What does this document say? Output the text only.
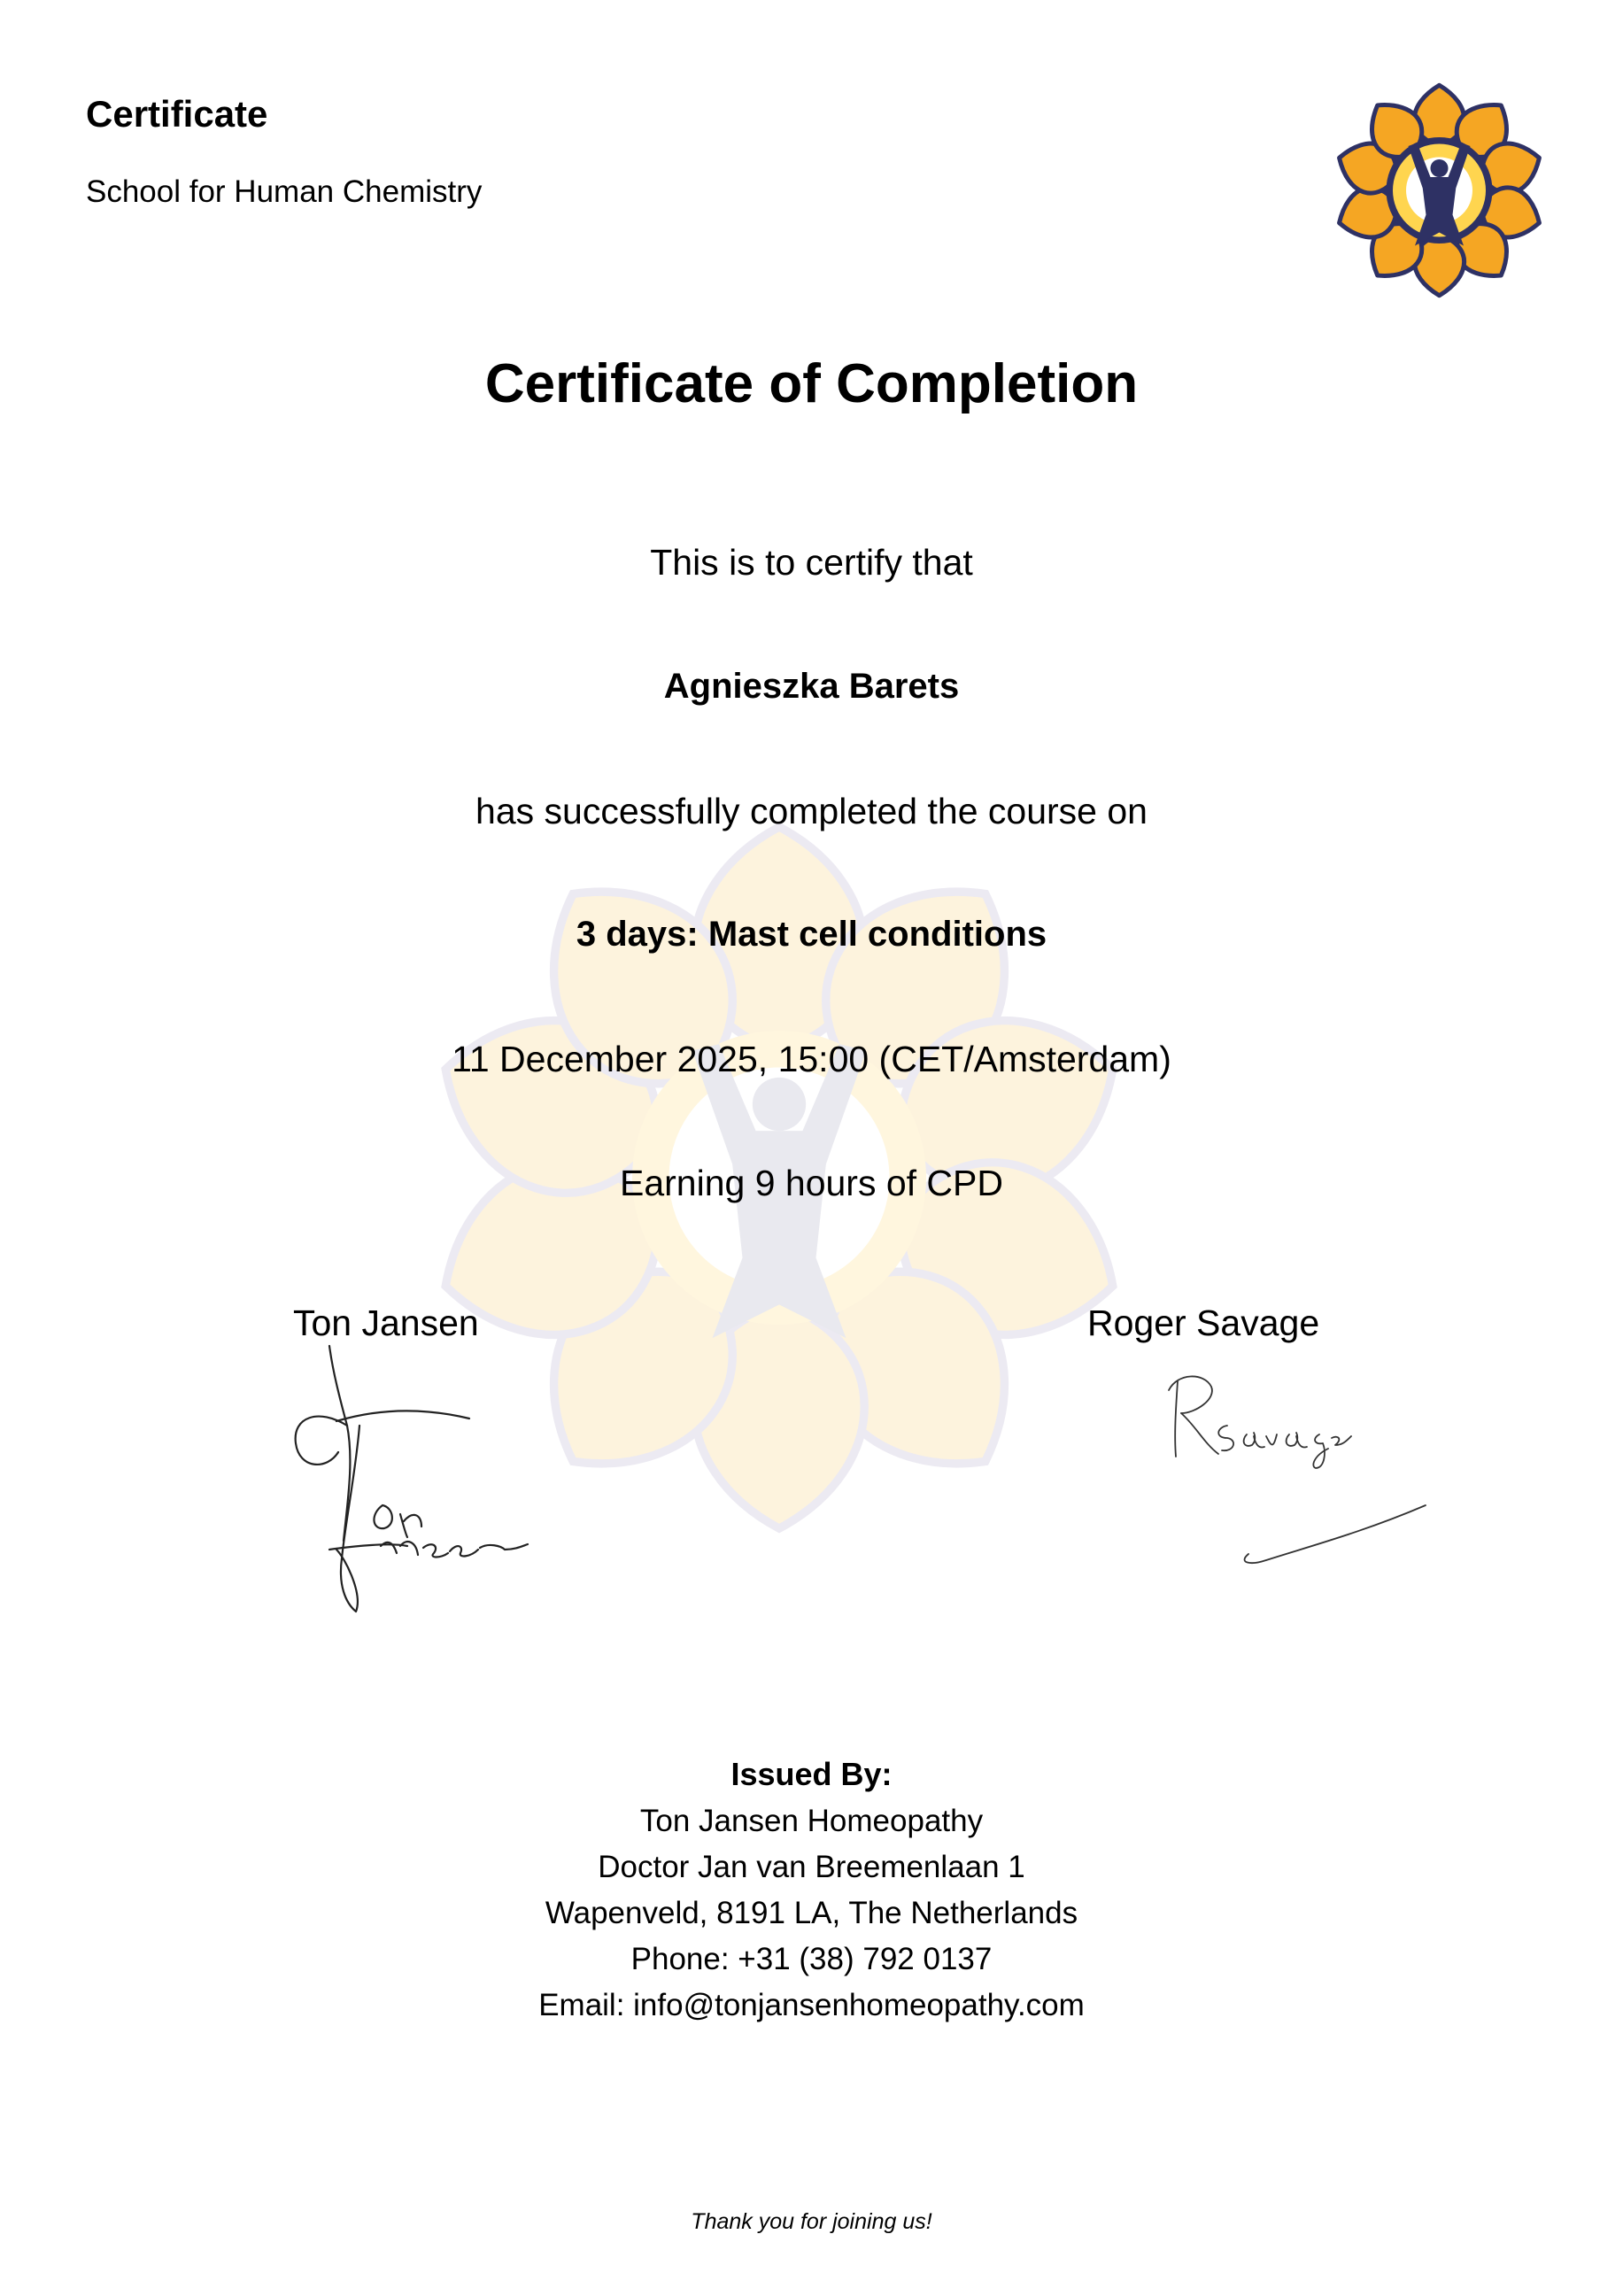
Certificate
School for Human Chemistry
Certificate of Completion
This is to certify that
Agnieszka Barets
has successfully completed the course on
3 days: Mast cell conditions
11 December 2025, 15:00 (CET/Amsterdam)
Earning 9 hours of CPD
Ton Jansen	Roger Savage
Issued By:
Ton Jansen Homeopathy
Doctor Jan van Breemenlaan 1
Wapenveld, 8191 LA, The Netherlands
Phone: +31 (38) 792 0137
Email: info@tonjansenhomeopathy.com
Thank you for joining us!
